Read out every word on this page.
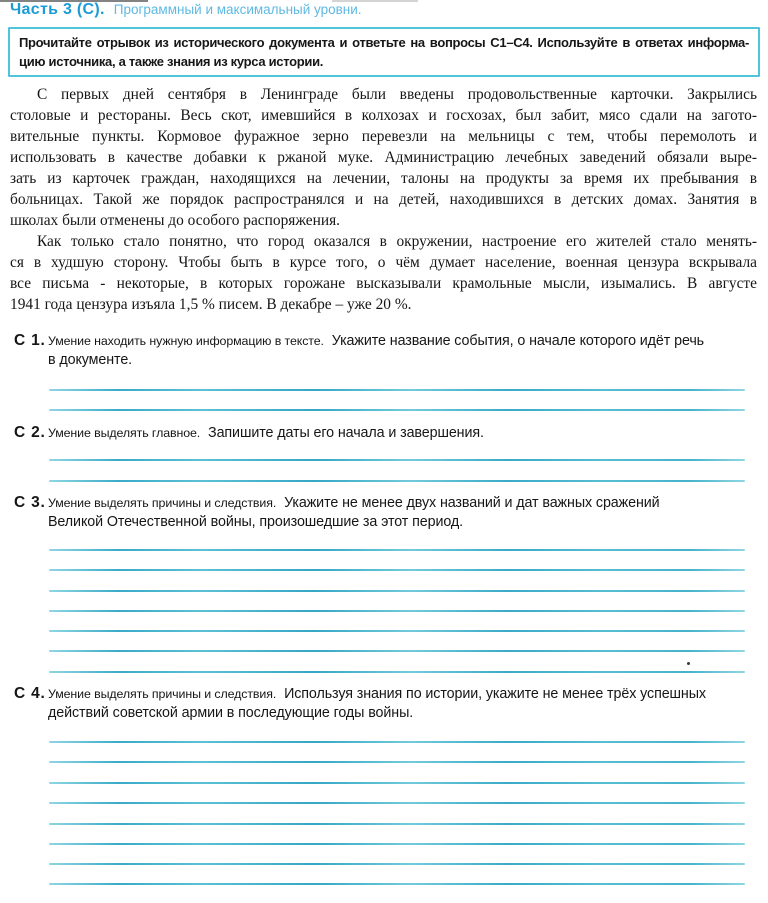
Часть 3 (С). Программный и максимальный уровни.
Прочитайте отрывок из исторического документа и ответьте на вопросы С1–С4. Используйте в ответах информа-
цию источника, а также знания из курса истории.
С первых дней сентября в Ленинграде были введены продовольственные карточки. Закрылись
столовые и рестораны. Весь скот, имевшийся в колхозах и госхозах, был забит, мясо сдали на загото-
вительные пункты. Кормовое фуражное зерно перевезли на мельницы с тем, чтобы перемолоть и
использовать в качестве добавки к ржаной муке. Администрацию лечебных заведений обязали выре-
зать из карточек граждан, находящихся на лечении, талоны на продукты за время их пребывания в
больницах. Такой же порядок распространялся и на детей, находившихся в детских домах. Занятия в
школах были отменены до особого распоряжения.
Как только стало понятно, что город оказался в окружении, настроение его жителей стало менять-
ся в худшую сторону. Чтобы быть в курсе того, о чём думает население, военная цензура вскрывала
все письма - некоторые, в которых горожане высказывали крамольные мысли, изымались. В августе
1941 года цензура изъяла 1,5 % писем. В декабре – уже 20 %.
С 1. Умение находить нужную информацию в тексте. Укажите название события, о начале которого идёт речь
в документе.
С 2. Умение выделять главное. Запишите даты его начала и завершения.
С 3. Умение выделять причины и следствия. Укажите не менее двух названий и дат важных сражений
Великой Отечественной войны, произошедшие за этот период.
С 4. Умение выделять причины и следствия. Используя знания по истории, укажите не менее трёх успешных
действий советской армии в последующие годы войны.
